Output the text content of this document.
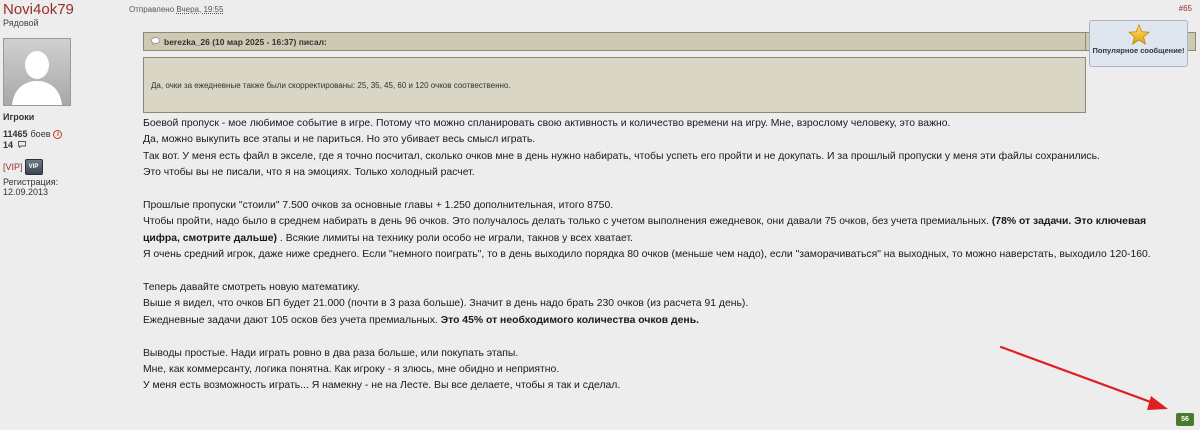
Novi4ok79
Рядовой
Игроки
11465 боев i
14
[VIP]	VIP
Регистрация:
12.09.2013
Отправлено Вчера, 19:55	#65
berezka_26 (10 мар 2025 - 16:37) писал:
Да, очки за ежедневные также были скорректированы: 25, 35, 45, 60 и 120 очков соотвественно.
Популярное сообщение!

Боевой пропуск - мое любимое событие в игре. Потому что можно спланировать свою активность и количество времени на игру. Мне, взрослому человеку, это важно.

Да, можно выкупить все этапы и не париться. Но это убивает весь смысл играть.

Так вот. У меня есть файл в экселе, где я точно посчитал, сколько очков мне в день нужно набирать, чтобы успеть его пройти и не докупать. И за прошлый пропуски у меня эти файлы сохранились.

Это чтобы вы не писали, что я на эмоциях. Только холодный расчет.

Прошлые пропуски "стоили" 7.500 очков за основные главы + 1.250 дополнительная, итого 8750.

Чтобы пройти, надо было в среднем набирать в день 96 очков. Это получалось делать только с учетом выполнения ежедневок, они давали 75 очков, без учета премиальных. (78% от задачи. Это ключевая цифра, смотрите дальше) . Всякие лимиты на технику роли особо не играли, такнов у всех хватает.

Я очень средний игрок, даже ниже среднего. Если "немного поиграть", то в день выходило порядка 80 очков (меньше чем надо), если "заморачиваться" на выходных, то можно наверстать, выходило 120-160.

Теперь давайте смотреть новую математику.

Выше я видел, что очков БП будет 21.000 (почти в 3 раза больше). Значит в день надо брать 230 очков (из расчета 91 день).

Ежедневные задачи дают 105 осков без учета премиальных. Это 45% от необходимого количества очков день.

Выводы простые. Нади играть ровно в два раза больше, или покупать этапы.

Мне, как коммерсанту, логика понятна. Как игроку - я злюсь, мне обидно и неприятно.

У меня есть возможность играть... Я намекну - не на Лесте. Вы все делаете, чтобы я так и сделал.

56
